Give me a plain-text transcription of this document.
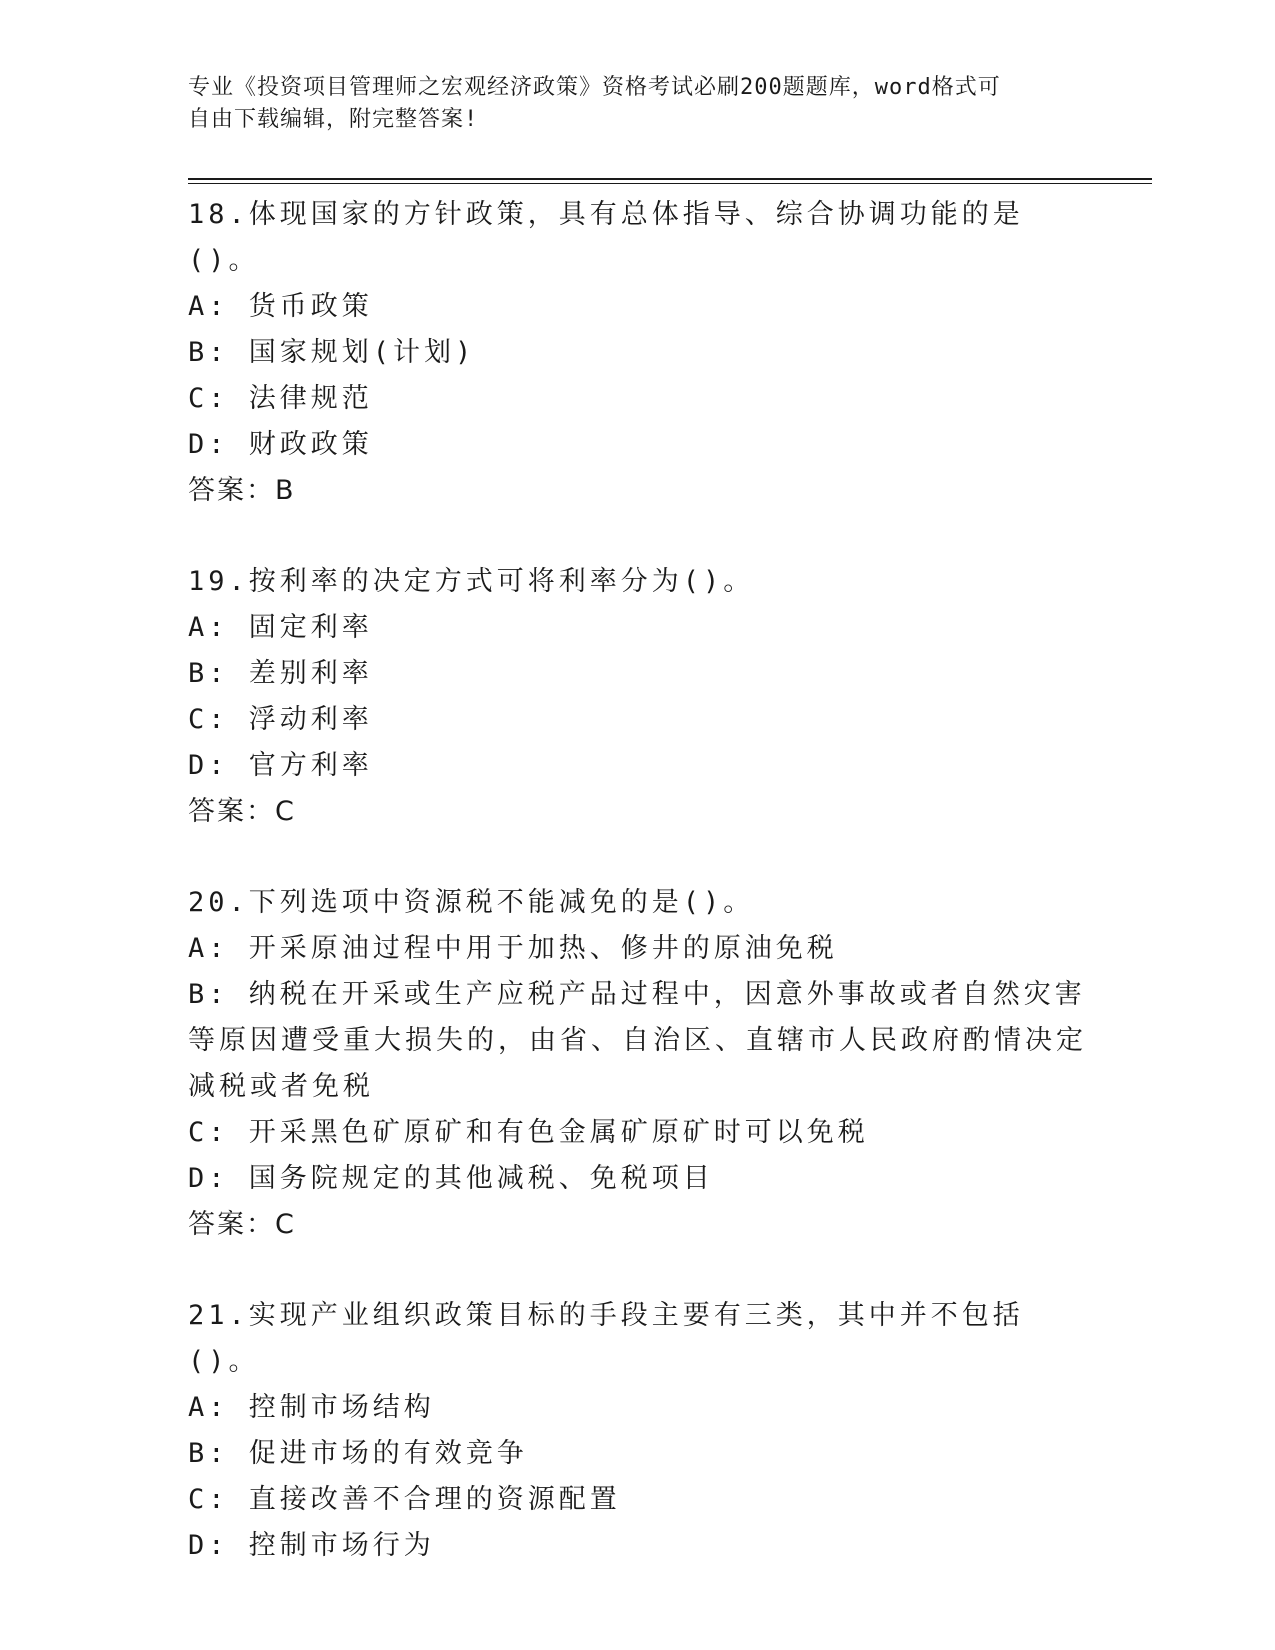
专业《投资项目管理师之宏观经济政策》资格考试必刷200题题库，word格式可
自由下载编辑，附完整答案!

18.体现国家的方针政策，具有总体指导、综合协调功能的是()。

A: 货币政策

B: 国家规划(计划)

C: 法律规范

D: 财政政策

答案：B

19.按利率的决定方式可将利率分为()。

A: 固定利率

B: 差别利率

C: 浮动利率

D: 官方利率

答案：C

20.下列选项中资源税不能减免的是()。

A: 开采原油过程中用于加热、修井的原油免税

B: 纳税在开采或生产应税产品过程中，因意外事故或者自然灾害等原因遭受重大损失的，由省、自治区、直辖市人民政府酌情决定减税或者免税

C: 开采黑色矿原矿和有色金属矿原矿时可以免税

D: 国务院规定的其他减税、免税项目

答案：C

21.实现产业组织政策目标的手段主要有三类，其中并不包括()。

A: 控制市场结构

B: 促进市场的有效竞争

C: 直接改善不合理的资源配置

D: 控制市场行为
